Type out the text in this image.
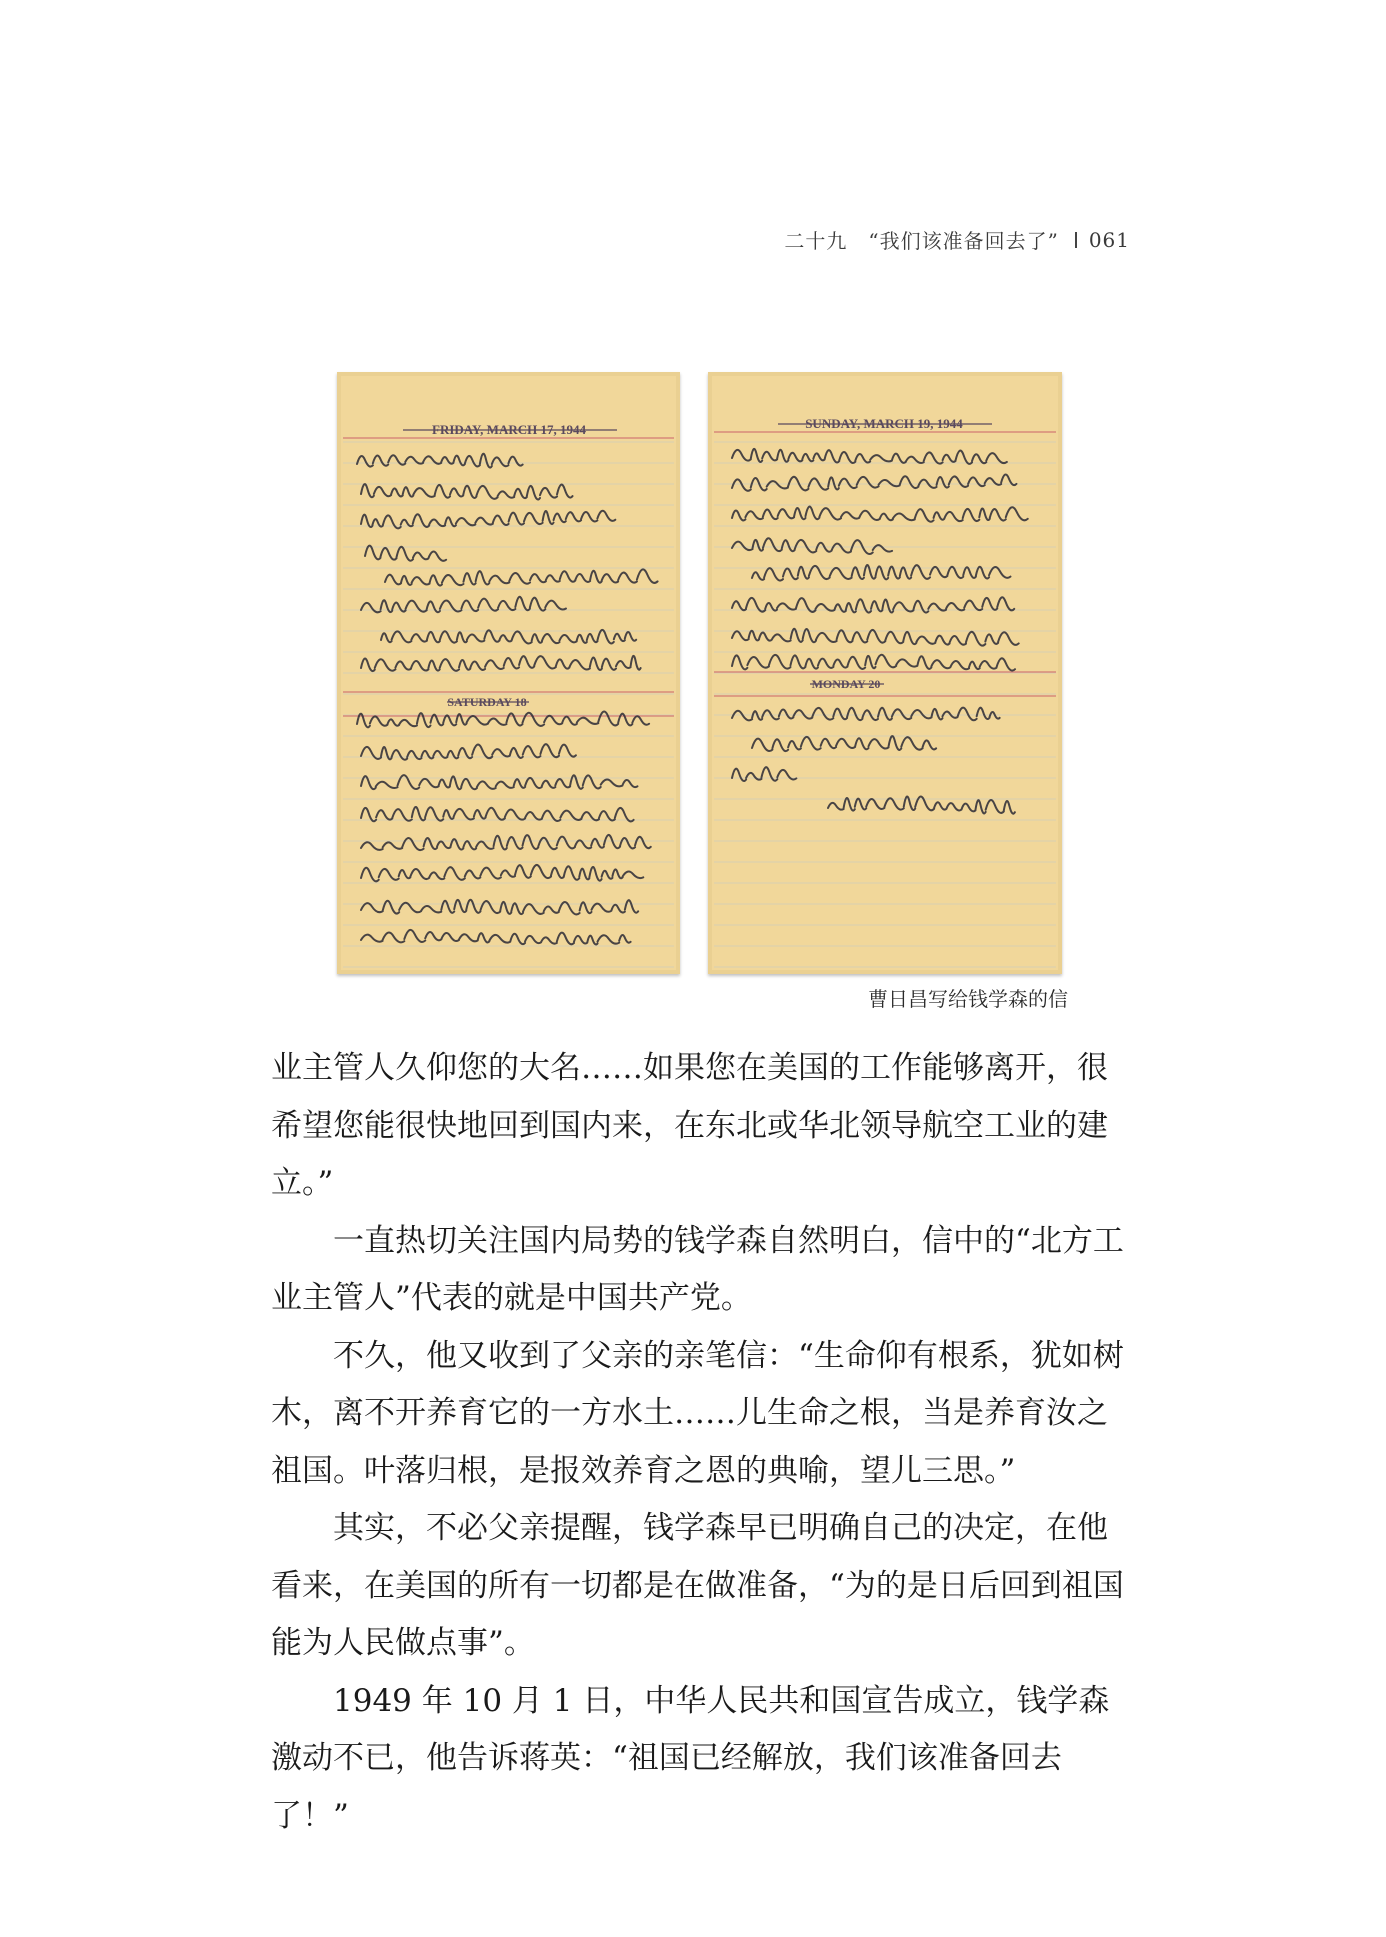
二十九　“我们该准备回去了” 061
FRIDAY, MARCH 17, 1944
SATURDAY 18
SUNDAY, MARCH 19, 1944
MONDAY 20
曹日昌写给钱学森的信

业主管人久仰您的大名……如果您在美国的工作能够离开，很希望您能很快地回到国内来，在东北或华北领导航空工业的建立。”

一直热切关注国内局势的钱学森自然明白，信中的“北方工业主管人”代表的就是中国共产党。

不久，他又收到了父亲的亲笔信：“生命仰有根系，犹如树木，离不开养育它的一方水土……儿生命之根，当是养育汝之祖国。叶落归根，是报效养育之恩的典喻，望儿三思。”

其实，不必父亲提醒，钱学森早已明确自己的决定，在他看来，在美国的所有一切都是在做准备，“为的是日后回到祖国能为人民做点事”。

1949 年 10 月 1 日，中华人民共和国宣告成立，钱学森激动不已，他告诉蒋英：“祖国已经解放，我们该准备回去了！”
